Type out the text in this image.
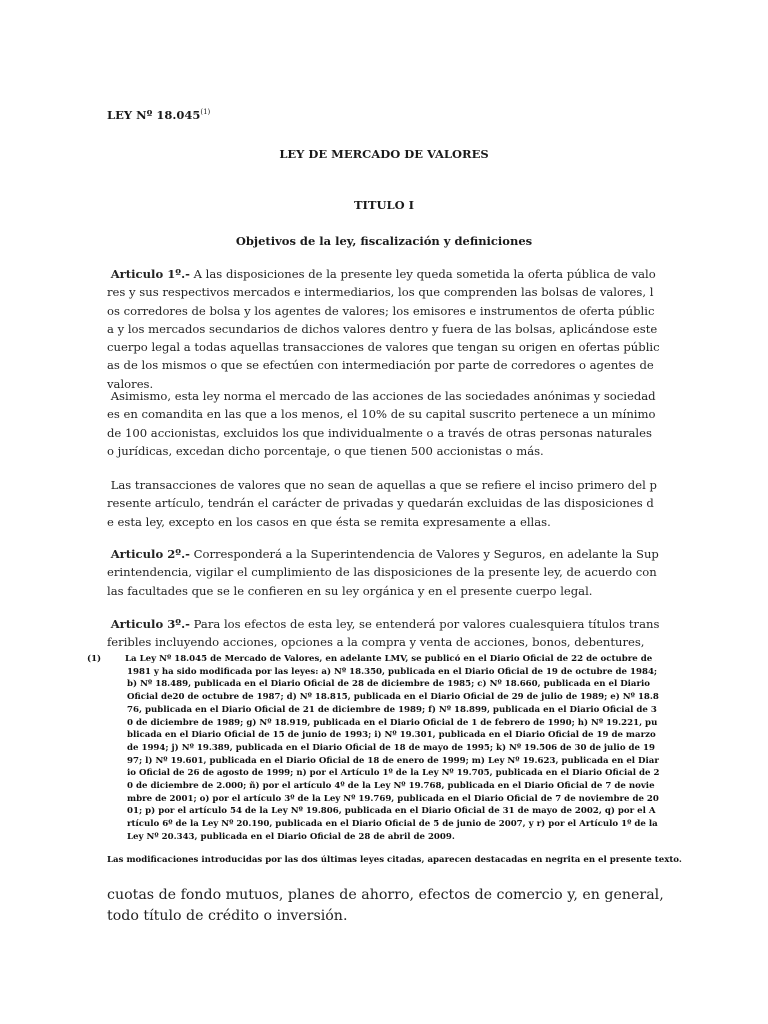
LEY Nº 18.045$^{(1)}$
LEY DE MERCADO DE VALORES
TITULO I
Objetivos de la ley, fiscalización y definiciones
Articulo 1º.- A las disposiciones de la presente ley queda sometida la oferta pública de valores y sus respectivos mercados e intermediarios, los que comprenden las bolsas de valores, los corredores de bolsa y los agentes de valores; los emisores e instrumentos de oferta pública y los mercados secundarios de dichos valores dentro y fuera de las bolsas, aplicándose este cuerpo legal a todas aquellas transacciones de valores que tengan su origen en ofertas públicas de los mismos o que se efectúen con intermediación por parte de corredores o agentes de valores.
Asimismo, esta ley norma el mercado de las acciones de las sociedades anónimas y sociedades en comandita en las que a los menos, el 10% de su capital suscrito pertenece a un mínimo de 100 accionistas, excluidos los que individualmente o a través de otras personas naturales o jurídicas, excedan dicho porcentaje, o que tienen 500 accionistas o más.
Las transacciones de valores que no sean de aquellas a que se refiere el inciso primero del presente artículo, tendrán el carácter de privadas y quedarán excluidas de las disposiciones de esta ley, excepto en los casos en que ésta se remita expresamente a ellas.
Articulo 2º.- Corresponderá a la Superintendencia de Valores y Seguros, en adelante la Superintendencia, vigilar el cumplimiento de las disposiciones de la presente ley, de acuerdo con las facultades que se le confieren en su ley orgánica y en el presente cuerpo legal.
Articulo 3º.- Para los efectos de esta ley, se entenderá por valores cualesquiera títulos transferibles incluyendo acciones, opciones a la compra y venta de acciones, bonos, debentures,
(1)	La Ley Nº 18.045 de Mercado de Valores, en adelante LMV, se publicó en el Diario Oficial de 22 de octubre de 1981 y ha sido modificada por las leyes: a) Nº 18.350, publicada en el Diario Oficial de 19 de octubre de 1984; b) Nº 18.489, publicada en el Diario Oficial de 28 de diciembre de 1985; c) Nº 18.660, publicada en el Diario Oficial de20 de octubre de 1987; d) Nº 18.815, publicada en el Diario Oficial de 29 de julio de 1989; e) Nº 18.876, publicada en el Diario Oficial de 21 de diciembre de 1989; f) Nº 18.899, publicada en el Diario Oficial de 30 de diciembre de 1989; g) Nº 18.919, publicada en el Diario Oficial de 1 de febrero de 1990; h) Nº 19.221, publicada en el Diario Oficial de 15 de junio de 1993; i) Nº 19.301, publicada en el Diario Oficial de 19 de marzo de 1994; j) Nº 19.389, publicada en el Diario Oficial de 18 de mayo de 1995; k) Nº 19.506 de 30 de julio de 1997; l) Nº 19.601, publicada en el Diario Oficial de 18 de enero de 1999; m) Ley Nº 19.623, publicada en el Diario Oficial de 26 de agosto de 1999; n) por el Artículo 1º de la Ley Nº 19.705, publicada en el Diario Oficial de 20 de diciembre de 2.000; ñ) por el artículo 4º de la Ley Nº 19.768, publicada en el Diario Oficial de 7 de noviembre de 2001; o) por el artículo 3º de la Ley Nº 19.769, publicada en el Diario Oficial de 7 de noviembre de 2001; p) por el artículo 54 de la Ley Nº 19.806, publicada en el Diario Oficial de 31 de mayo de 2002, q) por el Artículo 6º de la Ley Nº 20.190, publicada en el Diario Oficial de 5 de junio de 2007, y r) por el Artículo 1º de la Ley Nº 20.343, publicada en el Diario Oficial de 28 de abril de 2009.
Las modificaciones introducidas por las dos últimas leyes citadas, aparecen destacadas en negrita en el presente texto.
cuotas de fondo mutuos, planes de ahorro, efectos de comercio y, en general, todo título de crédito o inversión.
